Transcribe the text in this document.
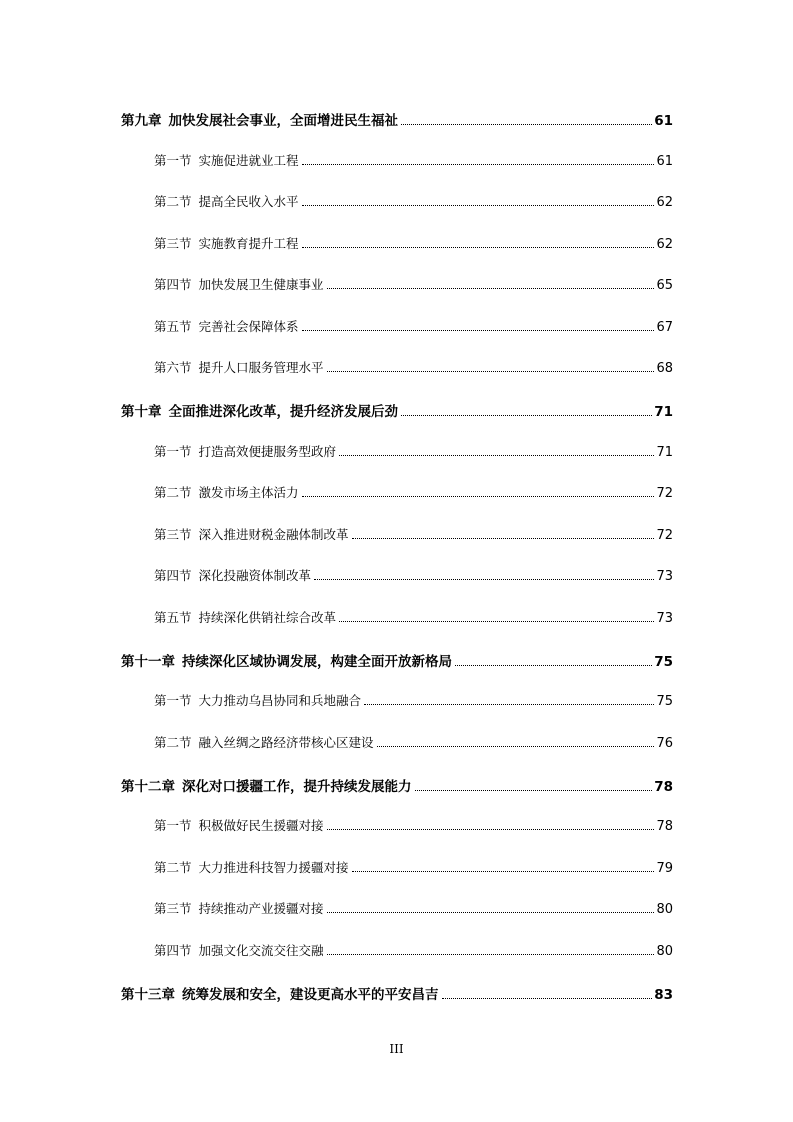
第九章 加快发展社会事业，全面增进民生福祉	61
第一节 实施促进就业工程	61
第二节 提高全民收入水平	62
第三节 实施教育提升工程	62
第四节 加快发展卫生健康事业	65
第五节 完善社会保障体系	67
第六节 提升人口服务管理水平	68
第十章 全面推进深化改革，提升经济发展后劲	71
第一节 打造高效便捷服务型政府	71
第二节 激发市场主体活力	72
第三节 深入推进财税金融体制改革	72
第四节 深化投融资体制改革	73
第五节 持续深化供销社综合改革	73
第十一章 持续深化区域协调发展，构建全面开放新格局	75
第一节 大力推动乌昌协同和兵地融合	75
第二节 融入丝绸之路经济带核心区建设	76
第十二章 深化对口援疆工作，提升持续发展能力	78
第一节 积极做好民生援疆对接	78
第二节 大力推进科技智力援疆对接	79
第三节 持续推动产业援疆对接	80
第四节 加强文化交流交往交融	80
第十三章 统筹发展和安全，建设更高水平的平安昌吉	83
III
